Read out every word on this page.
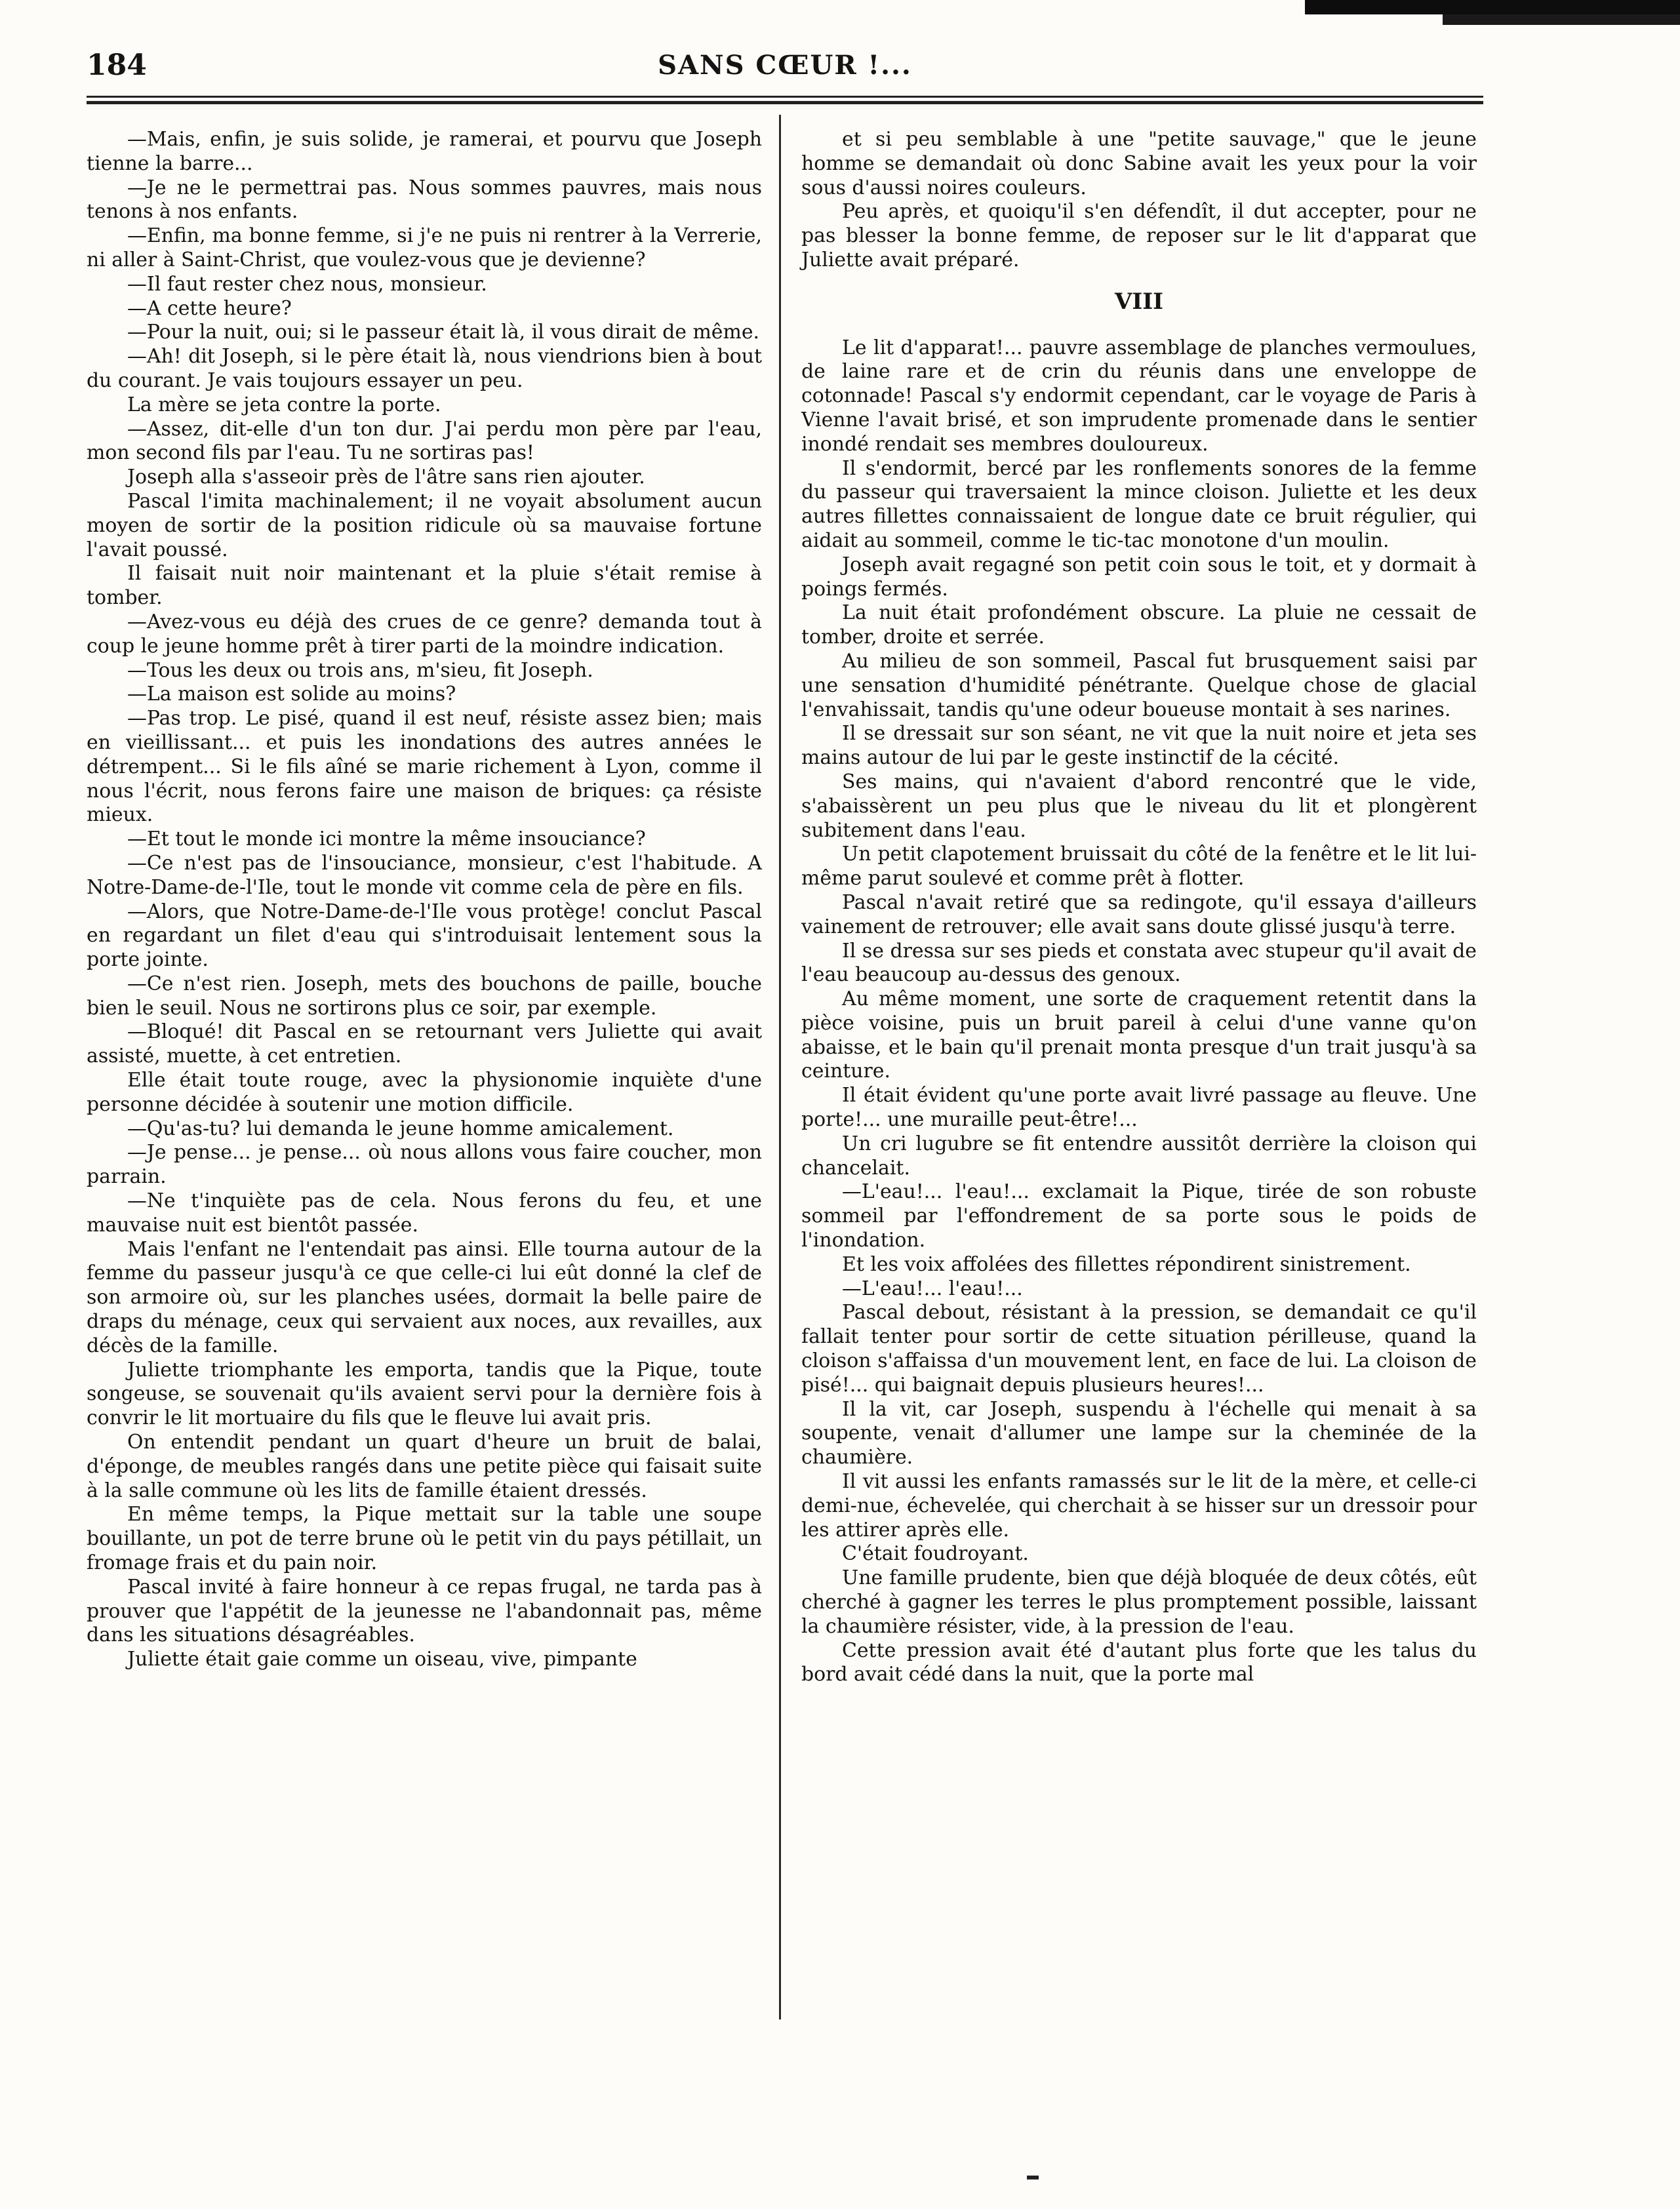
184	SANS CŒUR !...

—Mais, enfin, je suis solide, je ramerai, et pourvu que Joseph tienne la barre...

—Je ne le permettrai pas. Nous sommes pauvres, mais nous tenons à nos enfants.

—Enfin, ma bonne femme, si j'e ne puis ni rentrer à la Verrerie, ni aller à Saint-Christ, que voulez-vous que je devienne?

—Il faut rester chez nous, monsieur.

—A cette heure?

—Pour la nuit, oui; si le passeur était là, il vous dirait de même.

—Ah! dit Joseph, si le père était là, nous viendrions bien à bout du courant. Je vais toujours essayer un peu.

La mère se jeta contre la porte.

—Assez, dit-elle d'un ton dur. J'ai perdu mon père par l'eau, mon second fils par l'eau. Tu ne sortiras pas!

Joseph alla s'asseoir près de l'âtre sans rien ajouter.

Pascal l'imita machinalement; il ne voyait absolument aucun moyen de sortir de la position ridicule où sa mauvaise fortune l'avait poussé.

Il faisait nuit noir maintenant et la pluie s'était remise à tomber.

—Avez-vous eu déjà des crues de ce genre? demanda tout à coup le jeune homme prêt à tirer parti de la moindre indication.

—Tous les deux ou trois ans, m'sieu, fit Joseph.

—La maison est solide au moins?

—Pas trop. Le pisé, quand il est neuf, résiste assez bien; mais en vieillissant... et puis les inondations des autres années le détrempent... Si le fils aîné se marie richement à Lyon, comme il nous l'écrit, nous ferons faire une maison de briques: ça résiste mieux.

—Et tout le monde ici montre la même insouciance?

—Ce n'est pas de l'insouciance, monsieur, c'est l'habitude. A Notre-Dame-de-l'Ile, tout le monde vit comme cela de père en fils.

—Alors, que Notre-Dame-de-l'Ile vous protège! conclut Pascal en regardant un filet d'eau qui s'introduisait lentement sous la porte jointe.

—Ce n'est rien. Joseph, mets des bouchons de paille, bouche bien le seuil. Nous ne sortirons plus ce soir, par exemple.

—Bloqué! dit Pascal en se retournant vers Juliette qui avait assisté, muette, à cet entretien.

Elle était toute rouge, avec la physionomie inquiète d'une personne décidée à soutenir une motion difficile.

—Qu'as-tu? lui demanda le jeune homme amicalement.

—Je pense... je pense... où nous allons vous faire coucher, mon parrain.

—Ne t'inquiète pas de cela. Nous ferons du feu, et une mauvaise nuit est bientôt passée.

Mais l'enfant ne l'entendait pas ainsi. Elle tourna autour de la femme du passeur jusqu'à ce que celle-ci lui eût donné la clef de son armoire où, sur les planches usées, dormait la belle paire de draps du ménage, ceux qui servaient aux noces, aux revailles, aux décès de la famille.

Juliette triomphante les emporta, tandis que la Pique, toute songeuse, se souvenait qu'ils avaient servi pour la dernière fois à convrir le lit mortuaire du fils que le fleuve lui avait pris.

On entendit pendant un quart d'heure un bruit de balai, d'éponge, de meubles rangés dans une petite pièce qui faisait suite à la salle commune où les lits de famille étaient dressés.

En même temps, la Pique mettait sur la table une soupe bouillante, un pot de terre brune où le petit vin du pays pétillait, un fromage frais et du pain noir.

Pascal invité à faire honneur à ce repas frugal, ne tarda pas à prouver que l'appétit de la jeunesse ne l'abandonnait pas, même dans les situations désagréables.

Juliette était gaie comme un oiseau, vive, pimpante

et si peu semblable à une "petite sauvage," que le jeune homme se demandait où donc Sabine avait les yeux pour la voir sous d'aussi noires couleurs.

Peu après, et quoiqu'il s'en défendît, il dut accepter, pour ne pas blesser la bonne femme, de reposer sur le lit d'apparat que Juliette avait préparé.

VIII

Le lit d'apparat!... pauvre assemblage de planches vermoulues, de laine rare et de crin du réunis dans une enveloppe de cotonnade! Pascal s'y endormit cependant, car le voyage de Paris à Vienne l'avait brisé, et son imprudente promenade dans le sentier inondé rendait ses membres douloureux.

Il s'endormit, bercé par les ronflements sonores de la femme du passeur qui traversaient la mince cloison. Juliette et les deux autres fillettes connaissaient de longue date ce bruit régulier, qui aidait au sommeil, comme le tic-tac monotone d'un moulin.

Joseph avait regagné son petit coin sous le toit, et y dormait à poings fermés.

La nuit était profondément obscure. La pluie ne cessait de tomber, droite et serrée.

Au milieu de son sommeil, Pascal fut brusquement saisi par une sensation d'humidité pénétrante. Quelque chose de glacial l'envahissait, tandis qu'une odeur boueuse montait à ses narines.

Il se dressait sur son séant, ne vit que la nuit noire et jeta ses mains autour de lui par le geste instinctif de la cécité.

Ses mains, qui n'avaient d'abord rencontré que le vide, s'abaissèrent un peu plus que le niveau du lit et plongèrent subitement dans l'eau.

Un petit clapotement bruissait du côté de la fenêtre et le lit lui-même parut soulevé et comme prêt à flotter.

Pascal n'avait retiré que sa redingote, qu'il essaya d'ailleurs vainement de retrouver; elle avait sans doute glissé jusqu'à terre.

Il se dressa sur ses pieds et constata avec stupeur qu'il avait de l'eau beaucoup au-dessus des genoux.

Au même moment, une sorte de craquement retentit dans la pièce voisine, puis un bruit pareil à celui d'une vanne qu'on abaisse, et le bain qu'il prenait monta presque d'un trait jusqu'à sa ceinture.

Il était évident qu'une porte avait livré passage au fleuve. Une porte!... une muraille peut-être!...

Un cri lugubre se fit entendre aussitôt derrière la cloison qui chancelait.

—L'eau!... l'eau!... exclamait la Pique, tirée de son robuste sommeil par l'effondrement de sa porte sous le poids de l'inondation.

Et les voix affolées des fillettes répondirent sinistrement.

—L'eau!... l'eau!...

Pascal debout, résistant à la pression, se demandait ce qu'il fallait tenter pour sortir de cette situation périlleuse, quand la cloison s'affaissa d'un mouvement lent, en face de lui. La cloison de pisé!... qui baignait depuis plusieurs heures!...

Il la vit, car Joseph, suspendu à l'échelle qui menait à sa soupente, venait d'allumer une lampe sur la cheminée de la chaumière.

Il vit aussi les enfants ramassés sur le lit de la mère, et celle-ci demi-nue, échevelée, qui cherchait à se hisser sur un dressoir pour les attirer après elle.

C'était foudroyant.

Une famille prudente, bien que déjà bloquée de deux côtés, eût cherché à gagner les terres le plus promptement possible, laissant la chaumière résister, vide, à la pression de l'eau.

Cette pression avait été d'autant plus forte que les talus du bord avait cédé dans la nuit, que la porte mal
